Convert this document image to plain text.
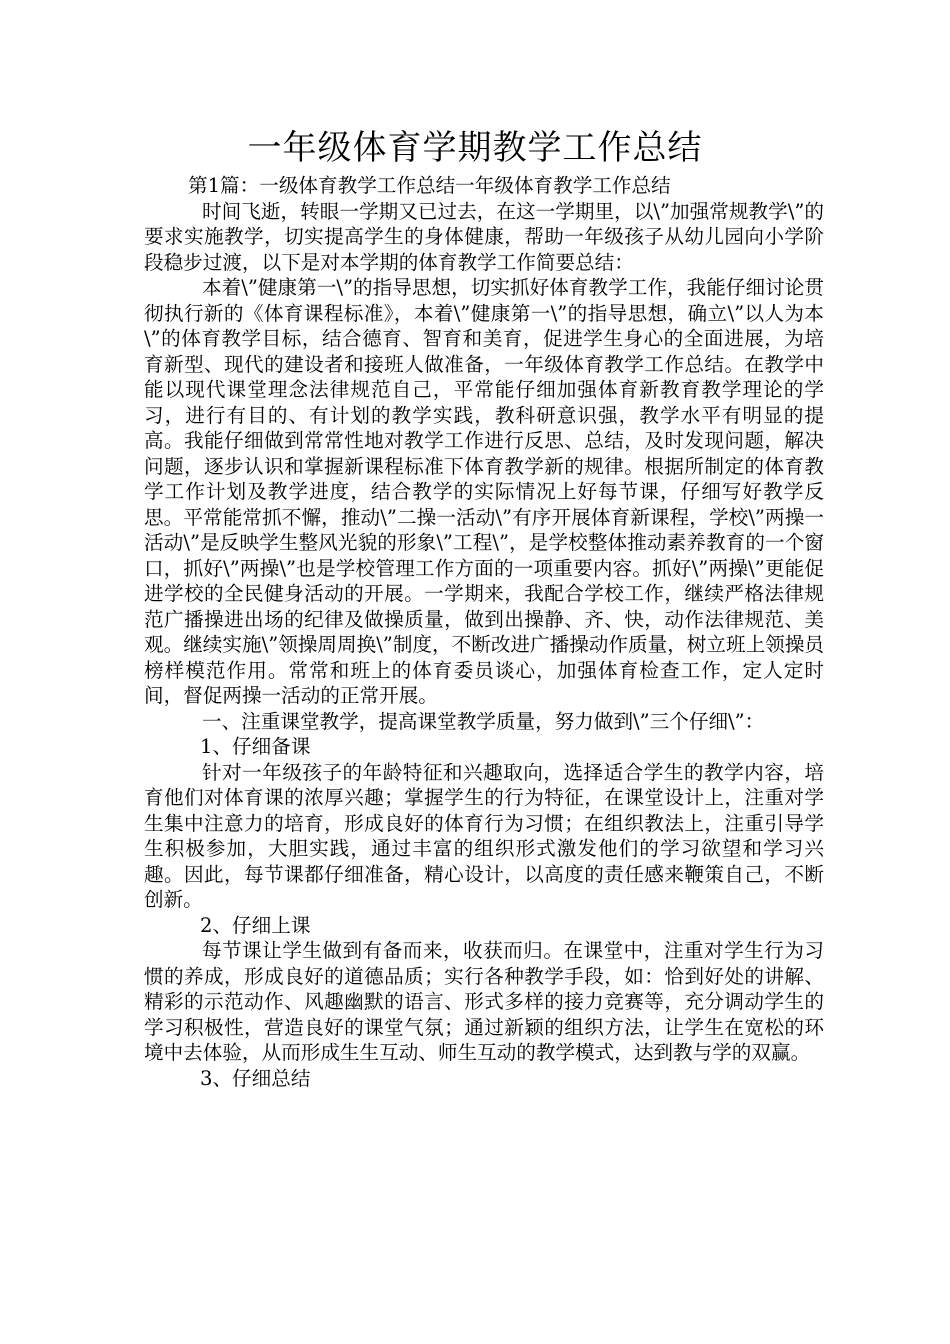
一年级体育学期教学工作总结

第1篇：一级体育教学工作总结一年级体育教学工作总结

时间飞逝，转眼一学期又已过去，在这一学期里，以\”加强常规教学\”的要求实施教学，切实提高学生的身体健康，帮助一年级孩子从幼儿园向小学阶段稳步过渡，以下是对本学期的体育教学工作简要总结：

本着\”健康第一\”的指导思想，切实抓好体育教学工作，我能仔细讨论贯彻执行新的《体育课程标准》，本着\”健康第一\”的指导思想，确立\”以人为本\”的体育教学目标，结合德育、智育和美育，促进学生身心的全面进展，为培育新型、现代的建设者和接班人做准备，一年级体育教学工作总结。在教学中能以现代课堂理念法律规范自己，平常能仔细加强体育新教育教学理论的学习，进行有目的、有计划的教学实践，教科研意识强，教学水平有明显的提高。我能仔细做到常常性地对教学工作进行反思、总结，及时发现问题，解决问题，逐步认识和掌握新课程标准下体育教学新的规律。根据所制定的体育教学工作计划及教学进度，结合教学的实际情况上好每节课，仔细写好教学反思。平常能常抓不懈，推动\”二操一活动\”有序开展体育新课程，学校\”两操一活动\”是反映学生整风光貌的形象\”工程\”，是学校整体推动素养教育的一个窗口，抓好\”两操\”也是学校管理工作方面的一项重要内容。抓好\”两操\”更能促进学校的全民健身活动的开展。一学期来，我配合学校工作，继续严格法律规范广播操进出场的纪律及做操质量，做到出操静、齐、快，动作法律规范、美观。继续实施\”领操周周换\”制度，不断改进广播操动作质量，树立班上领操员榜样模范作用。常常和班上的体育委员谈心，加强体育检查工作，定人定时间，督促两操一活动的正常开展。

一、注重课堂教学，提高课堂教学质量，努力做到\”三个仔细\”：

1、仔细备课

针对一年级孩子的年龄特征和兴趣取向，选择适合学生的教学内容，培育他们对体育课的浓厚兴趣；掌握学生的行为特征，在课堂设计上，注重对学生集中注意力的培育，形成良好的体育行为习惯；在组织教法上，注重引导学生积极参加，大胆实践，通过丰富的组织形式激发他们的学习欲望和学习兴趣。因此，每节课都仔细准备，精心设计，以高度的责任感来鞭策自己，不断创新。

2、仔细上课

每节课让学生做到有备而来，收获而归。在课堂中，注重对学生行为习惯的养成，形成良好的道德品质；实行各种教学手段，如：恰到好处的讲解、精彩的示范动作、风趣幽默的语言、形式多样的接力竞赛等，充分调动学生的学习积极性，营造良好的课堂气氛；通过新颖的组织方法，让学生在宽松的环境中去体验，从而形成生生互动、师生互动的教学模式，达到教与学的双赢。

3、仔细总结
